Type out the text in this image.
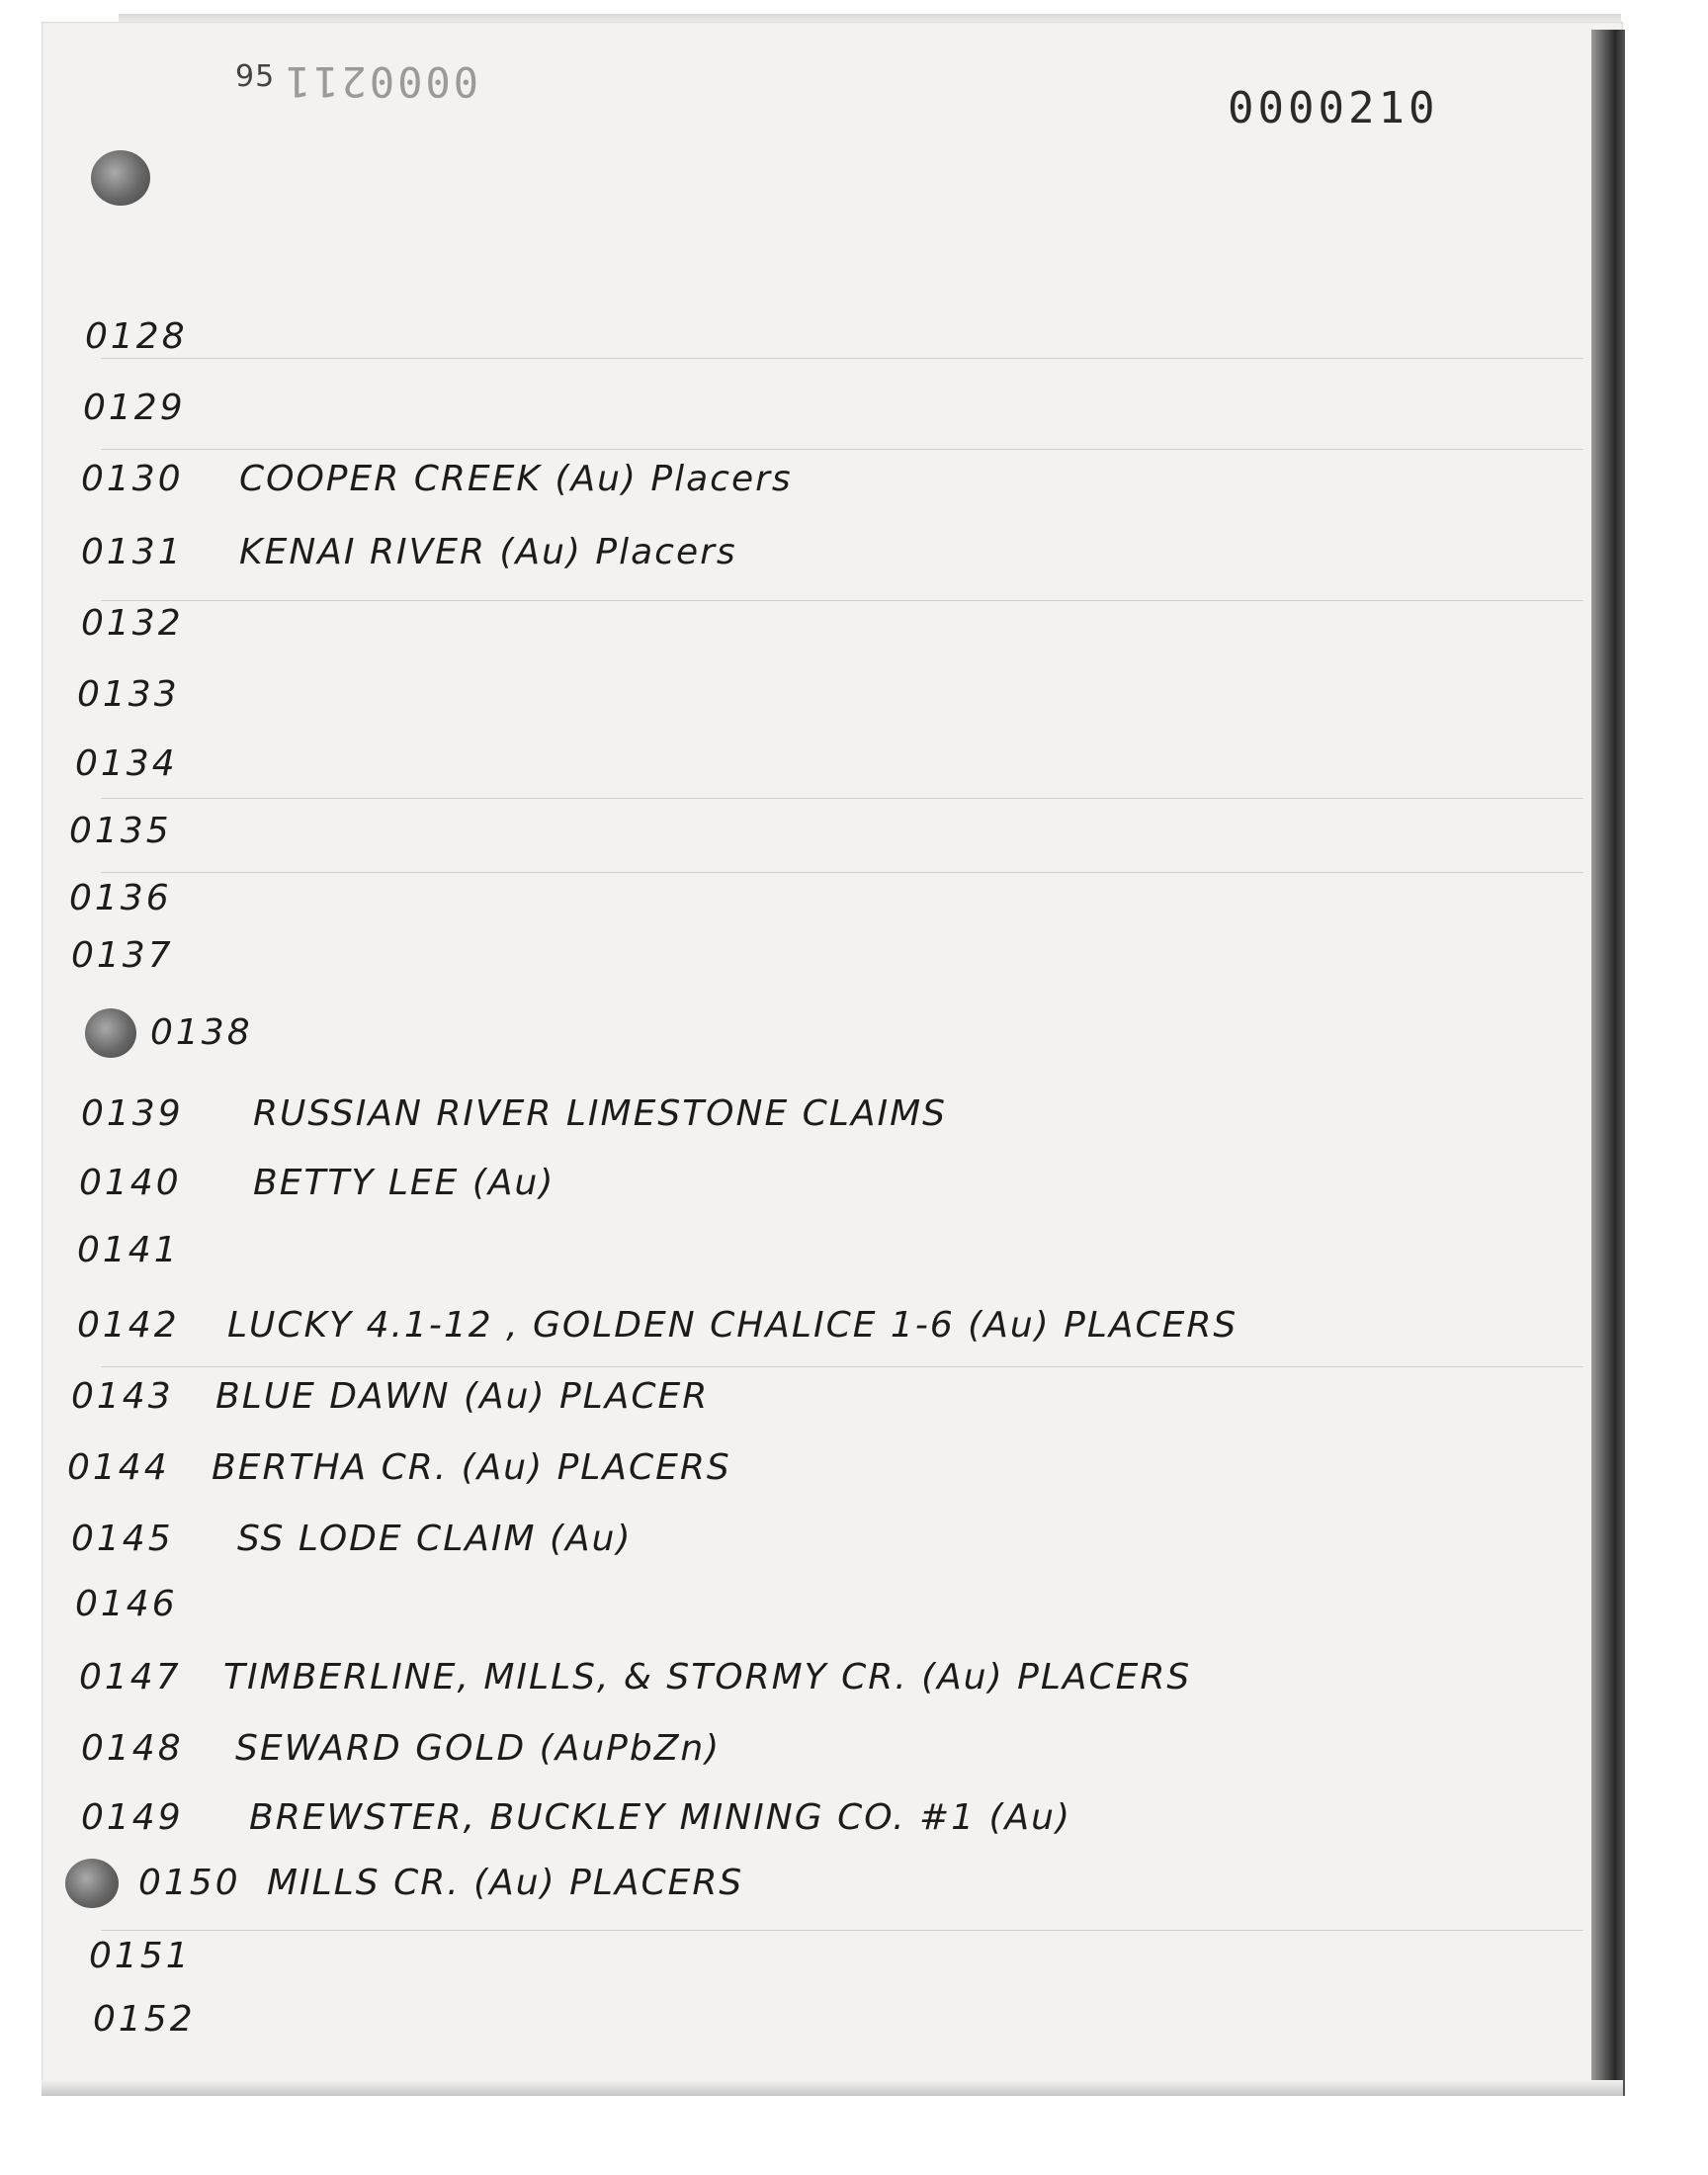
95 0000211
0000210
0128
0129
0130 COOPER CREEK (Au) Placers
0131 KENAI RIVER (Au) Placers
0132
0133
0134
0135
0136
0137
0138
0139 RUSSIAN RIVER LIMESTONE CLAIMS
0140 BETTY LEE (Au)
0141
0142 LUCKY 4.1-12 , GOLDEN CHALICE 1-6 (Au) PLACERS
0143 BLUE DAWN (Au) PLACER
0144 BERTHA CR. (Au) PLACERS
0145 SS LODE CLAIM (Au)
0146
0147 TIMBERLINE, MILLS, & STORMY CR. (Au) PLACERS
0148 SEWARD GOLD (AuPbZn)
0149 BREWSTER, BUCKLEY MINING CO. #1 (Au)
0150 MILLS CR. (Au) PLACERS
0151
0152
